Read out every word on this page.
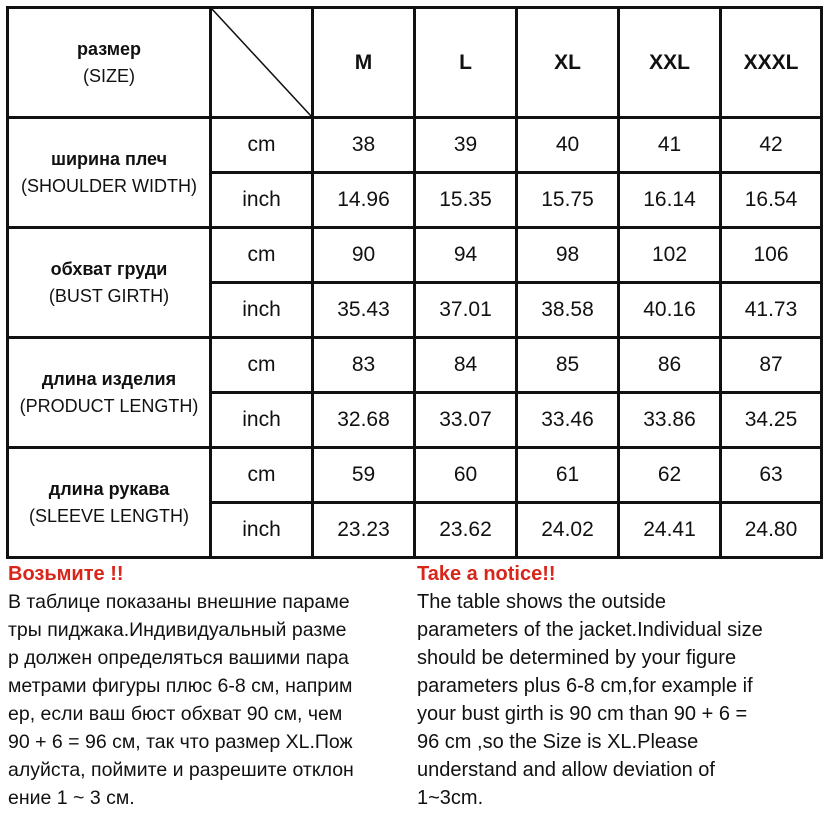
размер
(SIZE)		M	L	XL	XXL	XXXL

ширина плеч
(SHOULDER WIDTH)	cm	38	39	40	41	42
	inch	14.96	15.35	15.75	16.14	16.54

обхват груди
(BUST GIRTH)	cm	90	94	98	102	106
	inch	35.43	37.01	38.58	40.16	41.73

длина изделия
(PRODUCT LENGTH)	cm	83	84	85	86	87
	inch	32.68	33.07	33.46	33.86	34.25

длина рукава
(SLEEVE LENGTH)	cm	59	60	61	62	63
	inch	23.23	23.62	24.02	24.41	24.80
Возьмите !!
В таблице показаны внешние параме
тры пиджака.Индивидуальный разме
р должен определяться вашими пара
метрами фигуры плюс 6-8 см, наприм
ер, если ваш бюст обхват 90 см, чем
90 + 6 = 96 см, так что размер XL.Пож
алуйста, поймите и разрешите отклон
ение 1 ~ 3 см.
Take a notice!!
The table shows the outside
parameters of the jacket.Individual size
should be determined by your figure
parameters plus 6-8 cm,for example if
your bust girth is 90 cm than 90 + 6 =
96 cm ,so the Size is XL.Please
understand and allow deviation of
1~3cm.
